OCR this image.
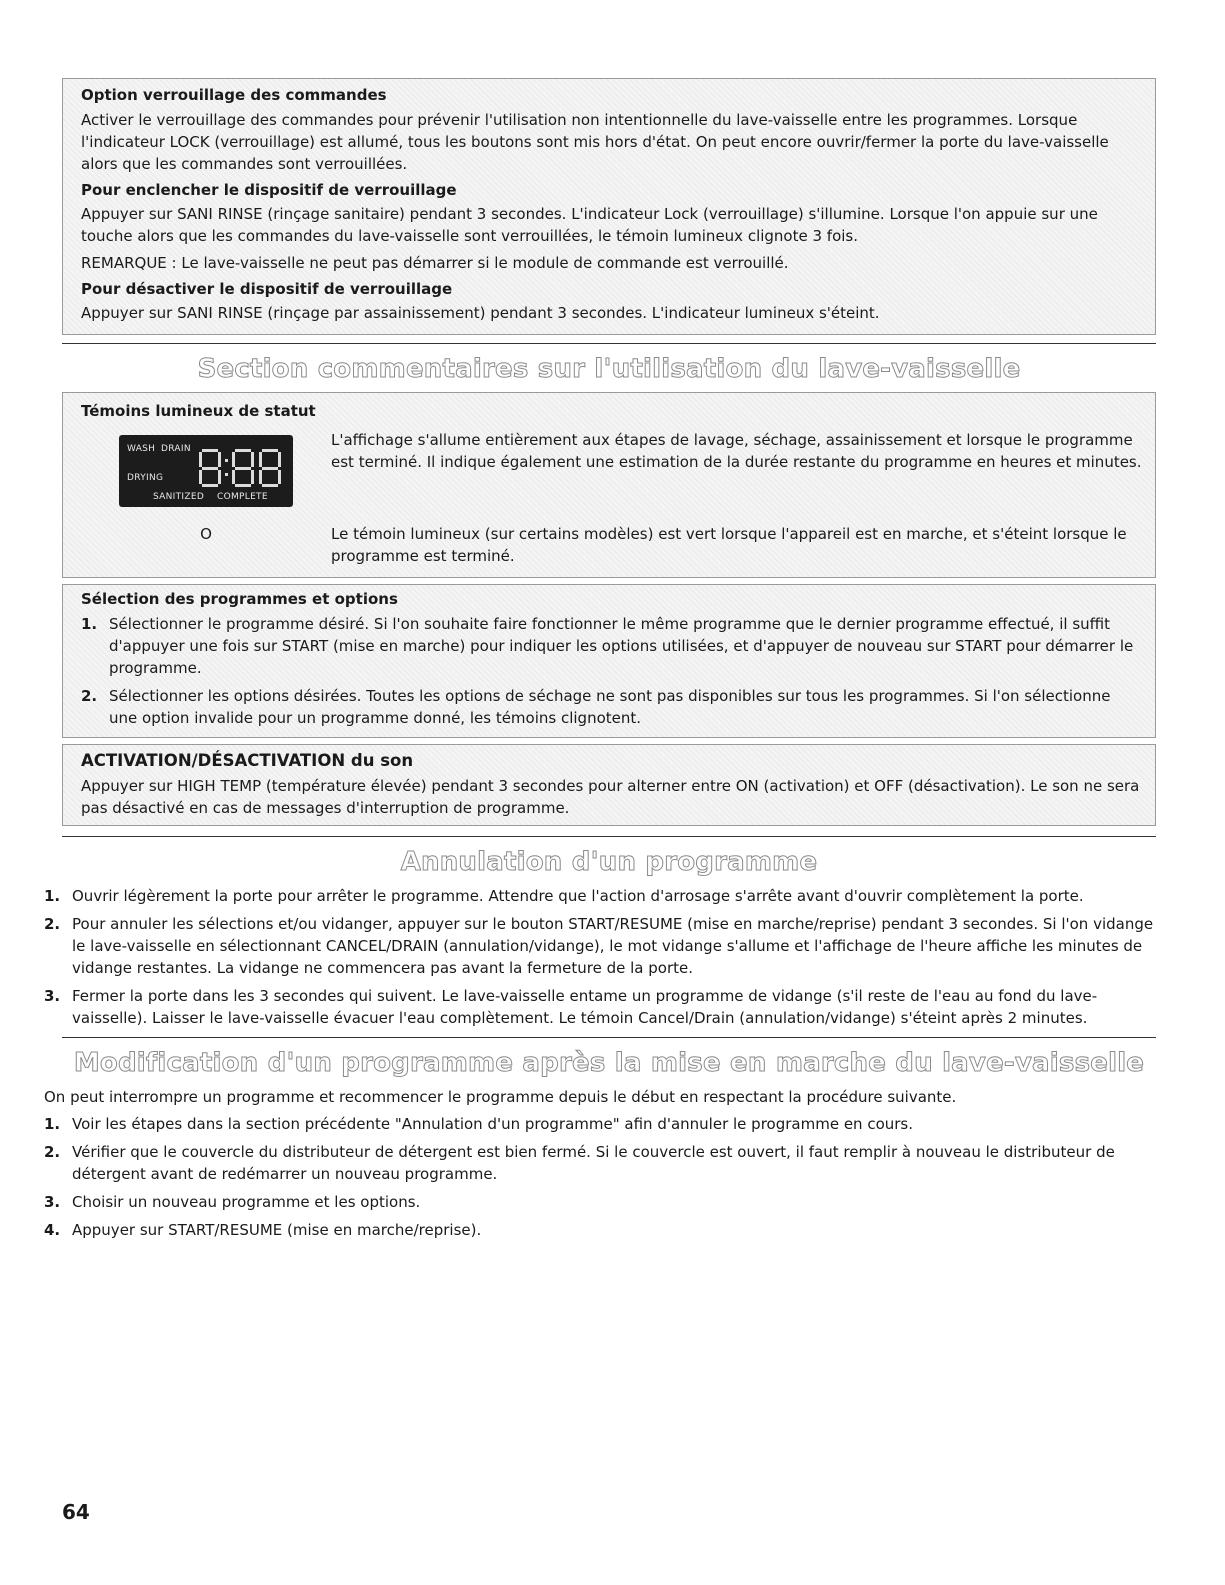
Option verrouillage des commandes

Activer le verrouillage des commandes pour prévenir l'utilisation non intentionnelle du lave-vaisselle entre les programmes. Lorsque l'indicateur LOCK (verrouillage) est allumé, tous les boutons sont mis hors d'état. On peut encore ouvrir/fermer la porte du lave-vaisselle alors que les commandes sont verrouillées.

Pour enclencher le dispositif de verrouillage

Appuyer sur SANI RINSE (rinçage sanitaire) pendant 3 secondes. L'indicateur Lock (verrouillage) s'illumine. Lorsque l'on appuie sur une touche alors que les commandes du lave-vaisselle sont verrouillées, le témoin lumineux clignote 3 fois.

REMARQUE : Le lave-vaisselle ne peut pas démarrer si le module de commande est verrouillé.

Pour désactiver le dispositif de verrouillage

Appuyer sur SANI RINSE (rinçage par assainissement) pendant 3 secondes. L'indicateur lumineux s'éteint.

Section commentaires sur l'utilisation du lave-vaisselle
Témoins lumineux de statut
WASH DRAIN
DRYING
SANITIZED COMPLETE
L'affichage s'allume entièrement aux étapes de lavage, séchage, assainissement et lorsque le programme est terminé. Il indique également une estimation de la durée restante du programme en heures et minutes.
O	Le témoin lumineux (sur certains modèles) est vert lorsque l'appareil est en marche, et s'éteint lorsque le programme est terminé.
Sélection des programmes et options
1. Sélectionner le programme désiré. Si l'on souhaite faire fonctionner le même programme que le dernier programme effectué, il suffit d'appuyer une fois sur START (mise en marche) pour indiquer les options utilisées, et d'appuyer de nouveau sur START pour démarrer le programme.
2. Sélectionner les options désirées. Toutes les options de séchage ne sont pas disponibles sur tous les programmes. Si l'on sélectionne une option invalide pour un programme donné, les témoins clignotent.
ACTIVATION/DÉSACTIVATION du son

Appuyer sur HIGH TEMP (température élevée) pendant 3 secondes pour alterner entre ON (activation) et OFF (désactivation). Le son ne sera pas désactivé en cas de messages d'interruption de programme.

Annulation d'un programme
1. Ouvrir légèrement la porte pour arrêter le programme. Attendre que l'action d'arrosage s'arrête avant d'ouvrir complètement la porte.
2. Pour annuler les sélections et/ou vidanger, appuyer sur le bouton START/RESUME (mise en marche/reprise) pendant 3 secondes. Si l'on vidange le lave-vaisselle en sélectionnant CANCEL/DRAIN (annulation/vidange), le mot vidange s'allume et l'affichage de l'heure affiche les minutes de vidange restantes. La vidange ne commencera pas avant la fermeture de la porte.
3. Fermer la porte dans les 3 secondes qui suivent. Le lave-vaisselle entame un programme de vidange (s'il reste de l'eau au fond du lave-vaisselle). Laisser le lave-vaisselle évacuer l'eau complètement. Le témoin Cancel/Drain (annulation/vidange) s'éteint après 2 minutes.
Modification d'un programme après la mise en marche du lave-vaisselle

On peut interrompre un programme et recommencer le programme depuis le début en respectant la procédure suivante.

1. Voir les étapes dans la section précédente "Annulation d'un programme" afin d'annuler le programme en cours.
2. Vérifier que le couvercle du distributeur de détergent est bien fermé. Si le couvercle est ouvert, il faut remplir à nouveau le distributeur de détergent avant de redémarrer un nouveau programme.
3. Choisir un nouveau programme et les options.
4. Appuyer sur START/RESUME (mise en marche/reprise).
64
